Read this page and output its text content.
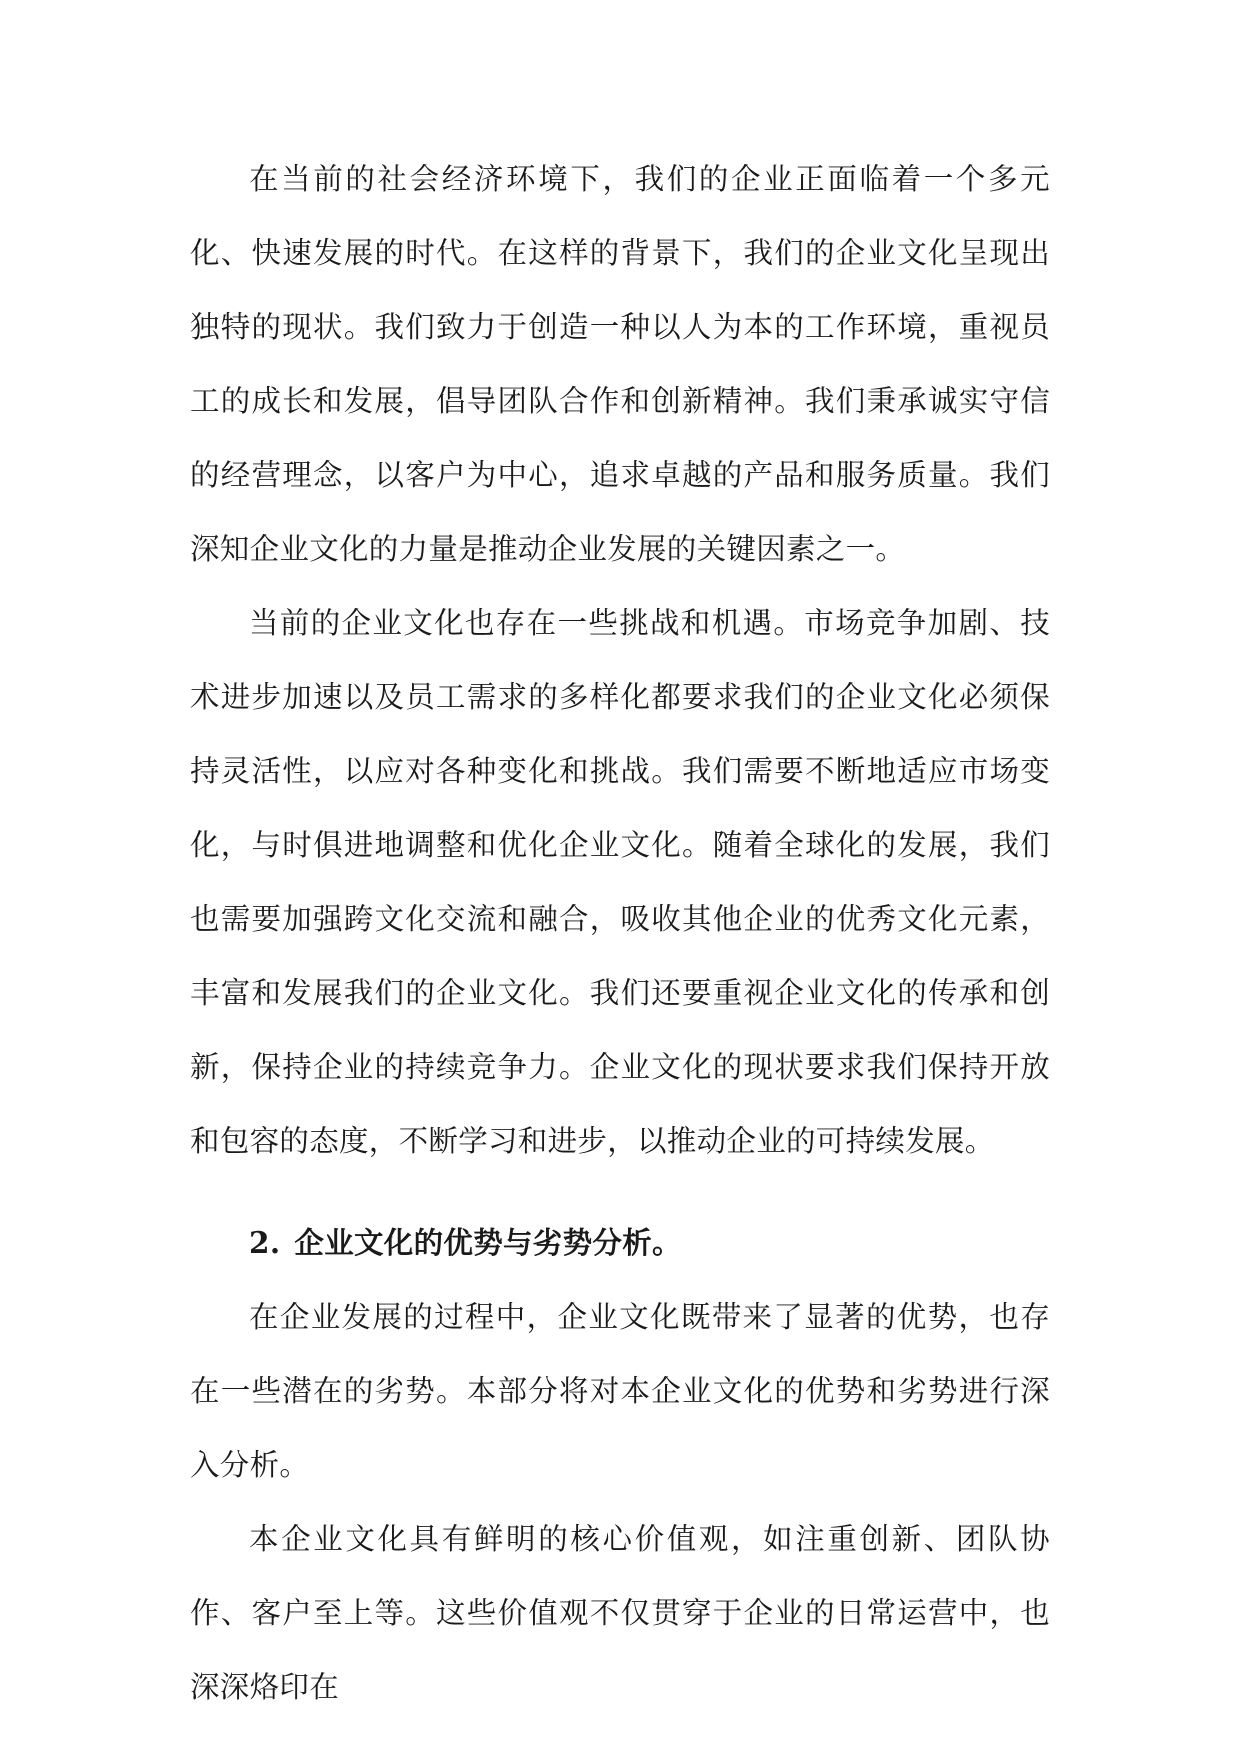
在当前的社会经济环境下，我们的企业正面临着一个多元化、快速发展的时代。在这样的背景下，我们的企业文化呈现出独特的现状。我们致力于创造一种以人为本的工作环境，重视员工的成长和发展，倡导团队合作和创新精神。我们秉承诚实守信的经营理念，以客户为中心，追求卓越的产品和服务质量。我们深知企业文化的力量是推动企业发展的关键因素之一。

当前的企业文化也存在一些挑战和机遇。市场竞争加剧、技术进步加速以及员工需求的多样化都要求我们的企业文化必须保持灵活性，以应对各种变化和挑战。我们需要不断地适应市场变化，与时俱进地调整和优化企业文化。随着全球化的发展，我们也需要加强跨文化交流和融合，吸收其他企业的优秀文化元素，丰富和发展我们的企业文化。我们还要重视企业文化的传承和创新，保持企业的持续竞争力。企业文化的现状要求我们保持开放和包容的态度，不断学习和进步，以推动企业的可持续发展。

2. 企业文化的优势与劣势分析。

在企业发展的过程中，企业文化既带来了显著的优势，也存在一些潜在的劣势。本部分将对本企业文化的优势和劣势进行深入分析。

本企业文化具有鲜明的核心价值观，如注重创新、团队协作、客户至上等。这些价值观不仅贯穿于企业的日常运营中，也深深烙印在
